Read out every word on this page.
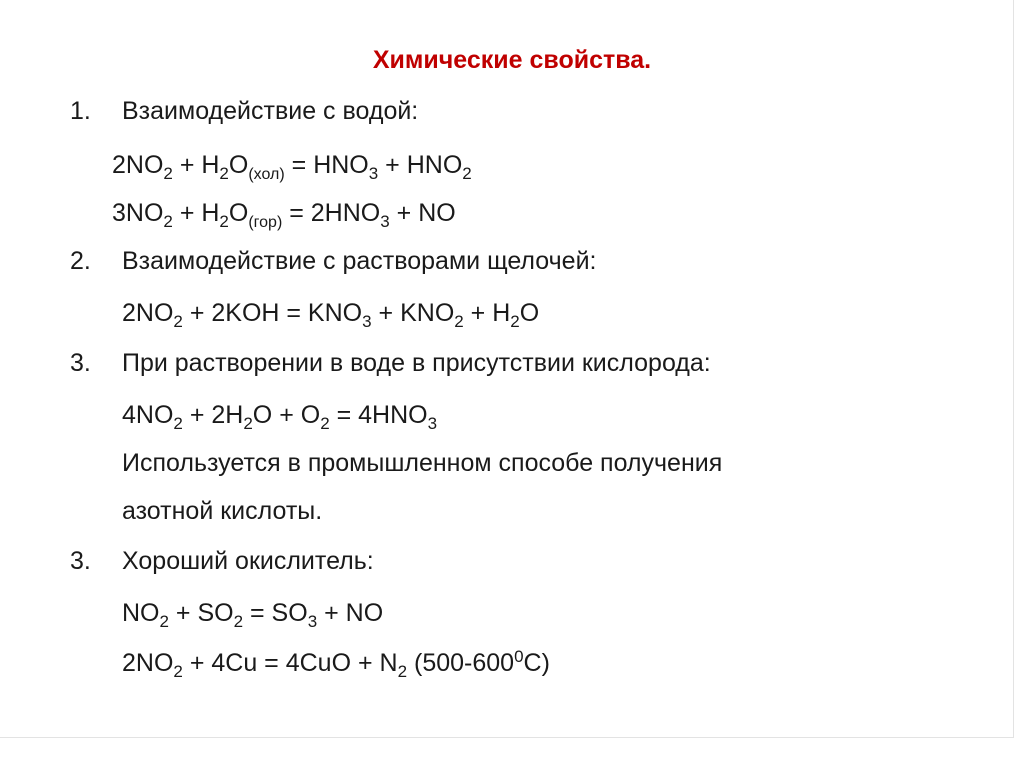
Химические свойства.
1. Взаимодействие с водой:
$2NO_2 + H_2O_{(хол)} = HNO_3 + HNO_2$
$3NO_2 + H_2O_{(гор)} = 2HNO_3$ + NO
2. Взаимодействие с растворами щелочей:
$2NO_2 + 2KOH = KNO_3 + KNO_2 + H_2O$
3. При растворении в воде в присутствии кислорода:
$4NO_2 + 2H_2O + O_2 = 4HNO_3$
Используется в промышленном способе получения
азотной кислоты.
3. Хороший окислитель:
$NO_2 + SO_2 = SO_3$ + NO
$2NO_2 + 4Cu = 4CuO + N_2$ $(500-600^0C)$
